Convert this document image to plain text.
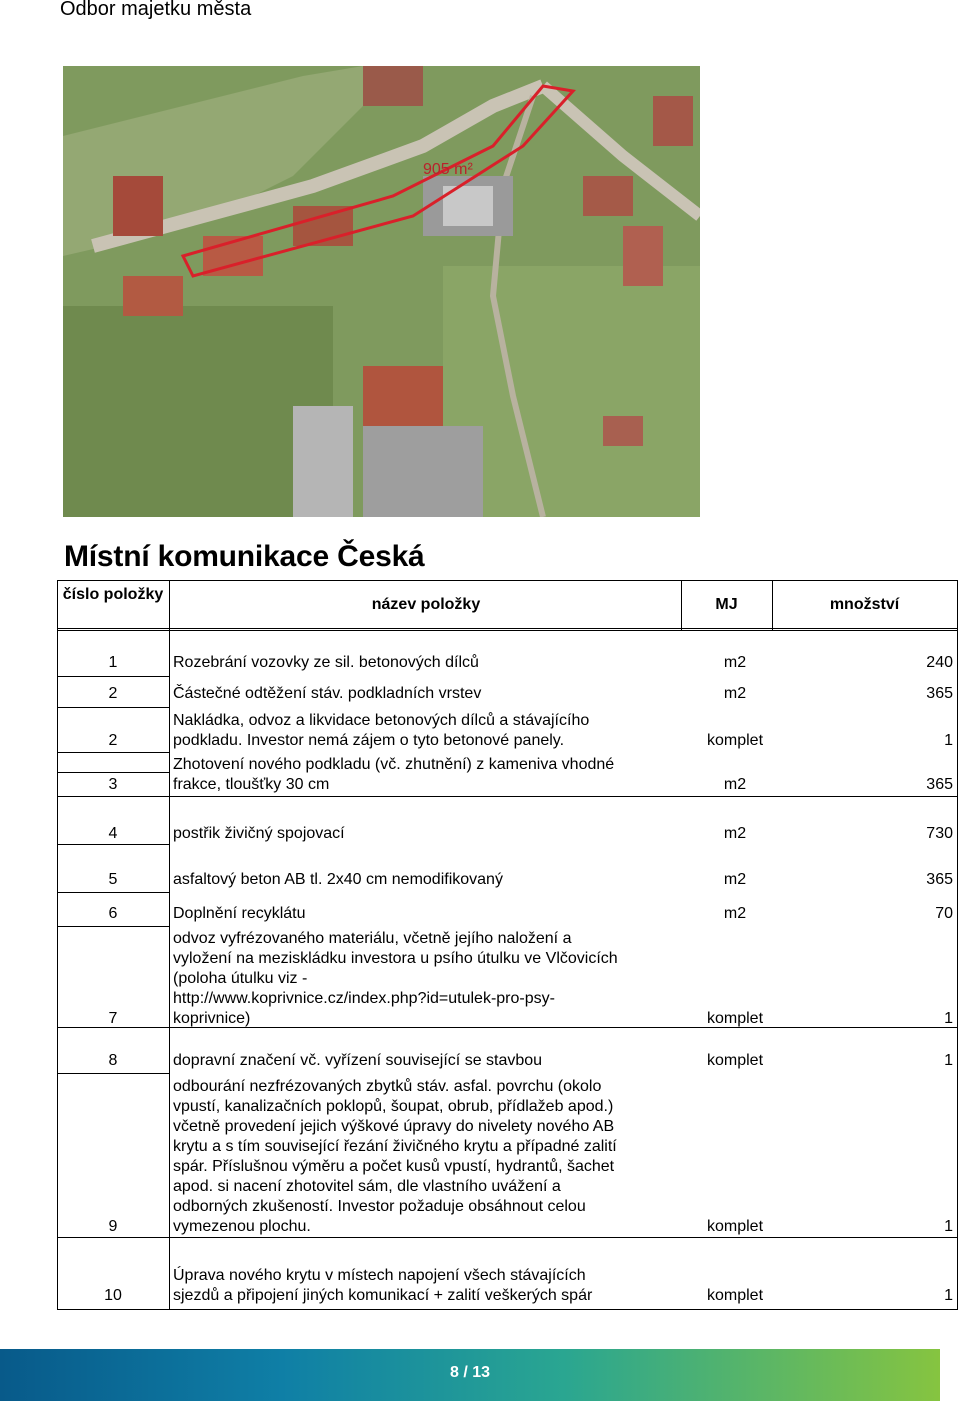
Odbor majetku města
905 m²
Místní komunikace Česká
číslo položky
název položky	MJ	množství
1	Rozebrání vozovky ze sil. betonových dílců	m2	240
2	Částečné odtěžení stáv. podkladních vrstev	m2	365
2
Nakládka, odvoz a likvidace betonových dílců a stávajícího
podkladu. Investor nemá zájem o tyto betonové panely.	komplet	1
3
Zhotovení nového podkladu (vč. zhutnění) z kameniva vhodné
frakce, tloušťky 30 cm	m2	365
4	postřik živičný spojovací	m2	730
5	asfaltový beton AB tl. 2x40 cm nemodifikovaný	m2	365
6	Doplnění recyklátu	m2	70
7
odvoz vyfrézovaného materiálu, včetně jejího naložení a
vyložení na meziskládku investora u psího útulku ve Vlčovicích
(poloha útulku viz -
http://www.koprivnice.cz/index.php?id=utulek-pro-psy-
koprivnice)	komplet	1
8	dopravní značení vč. vyřízení související se stavbou	komplet	1
9
odbourání nezfrézovaných zbytků stáv. asfal. povrchu (okolo
vpustí, kanalizačních poklopů, šoupat, obrub, přídlažeb apod.)
včetně provedení jejich výškové úpravy do nivelety nového AB
krytu a s tím související řezání živičného krytu a případné zalití
spár. Příslušnou výměru a počet kusů vpustí, hydrantů, šachet
apod. si nacení zhotovitel sám, dle vlastního uvážení a
odborných zkušeností. Investor požaduje obsáhnout celou
vymezenou plochu.	komplet	1
10
Úprava nového krytu v místech napojení všech stávajících
sjezdů a připojení jiných komunikací + zalití veškerých spár	komplet	1
8 / 13
